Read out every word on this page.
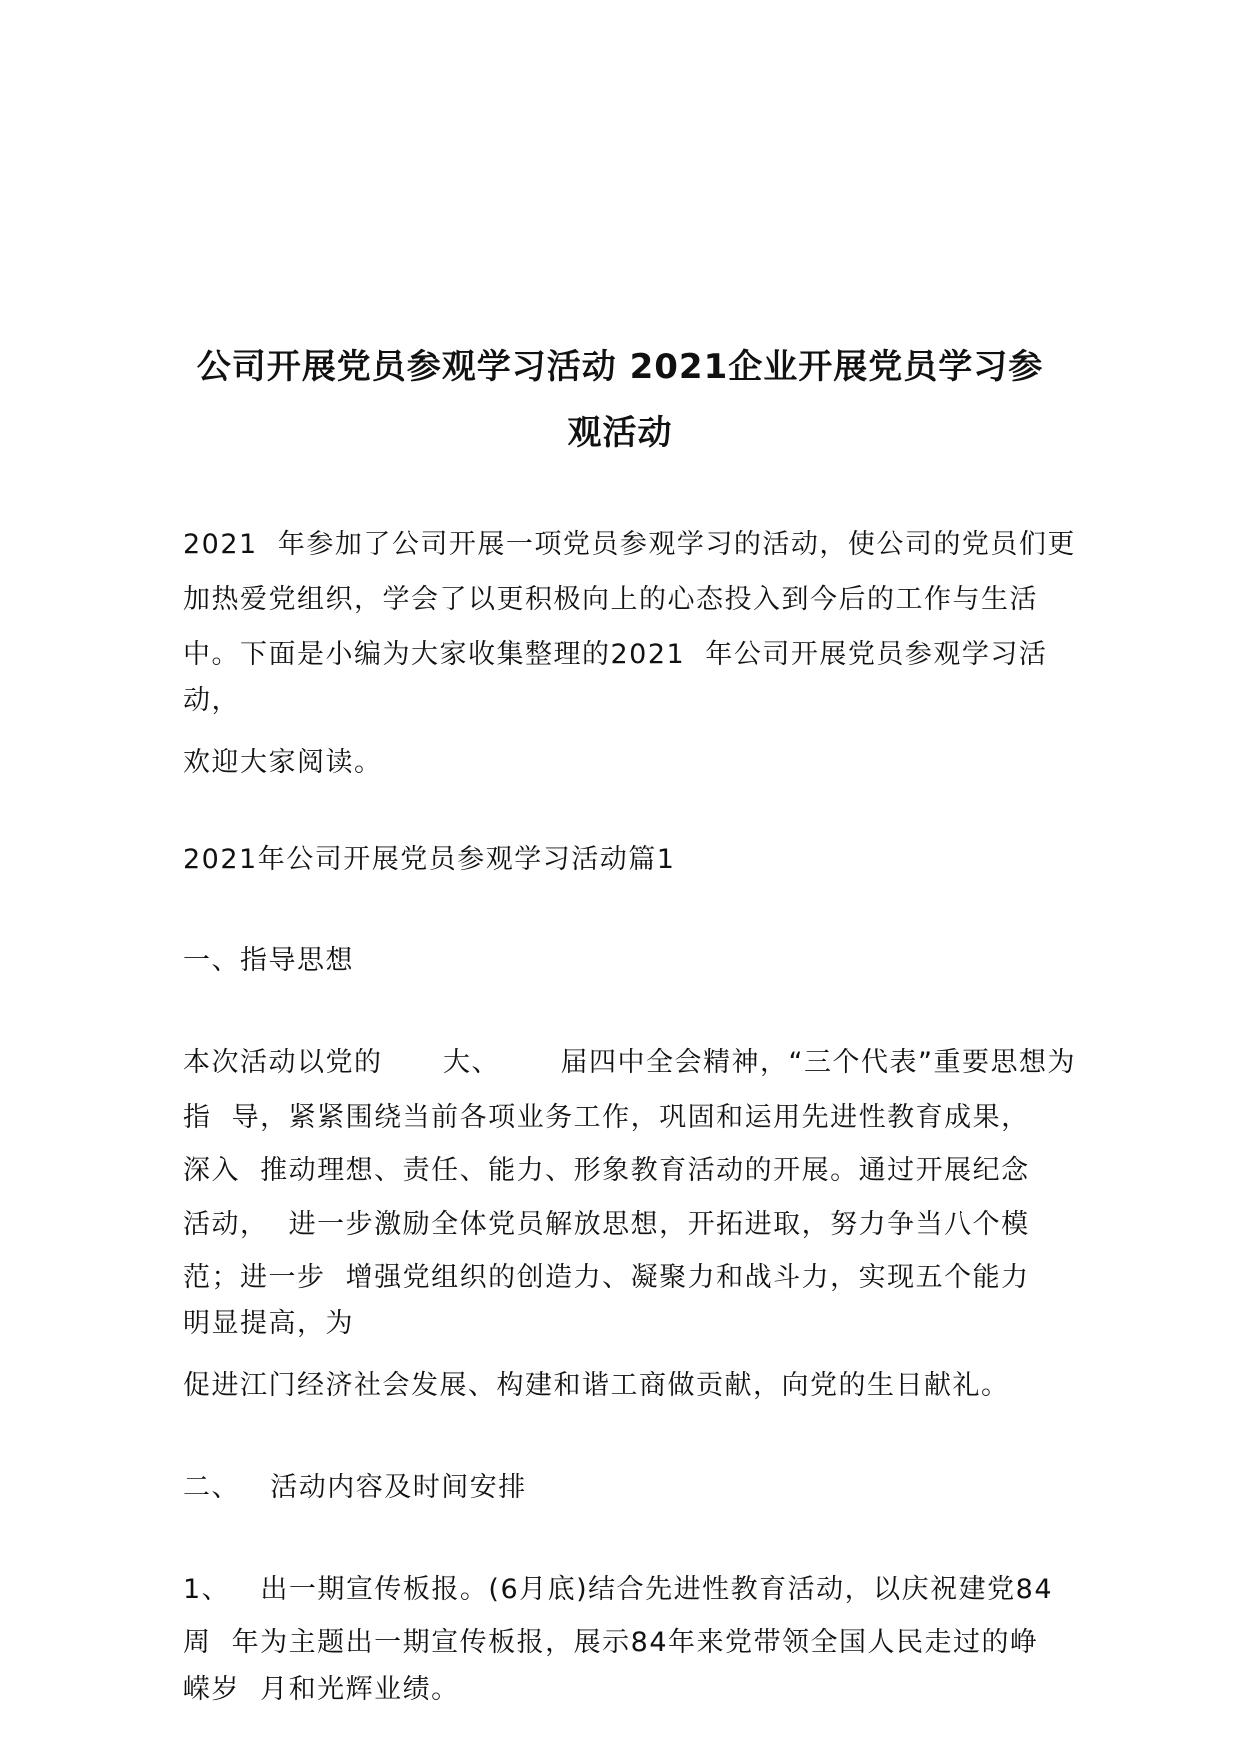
公司开展党员参观学习活动 2021企业开展党员学习参
观活动
2021  年参加了公司开展一项党员参观学习的活动，使公司的党员们更
加热爱党组织，学会了以更积极向上的心态投入到今后的工作与生活
中。下面是小编为大家收集整理的2021  年公司开展党员参观学习活
动，
欢迎大家阅读。
2021年公司开展党员参观学习活动篇1
一、指导思想
本次活动以党的      大、      届四中全会精神，“三个代表”重要思想为
指  导，紧紧围绕当前各项业务工作，巩固和运用先进性教育成果，
深入  推动理想、责任、能力、形象教育活动的开展。通过开展纪念
活动，  进一步激励全体党员解放思想，开拓进取，努力争当八个模
范；进一步  增强党组织的创造力、凝聚力和战斗力，实现五个能力
明显提高，为
促进江门经济社会发展、构建和谐工商做贡献，向党的生日献礼。
二、   活动内容及时间安排
1、   出一期宣传板报。(6月底)结合先进性教育活动，以庆祝建党84
周  年为主题出一期宣传板报，展示84年来党带领全国人民走过的峥
嵘岁  月和光辉业绩。
